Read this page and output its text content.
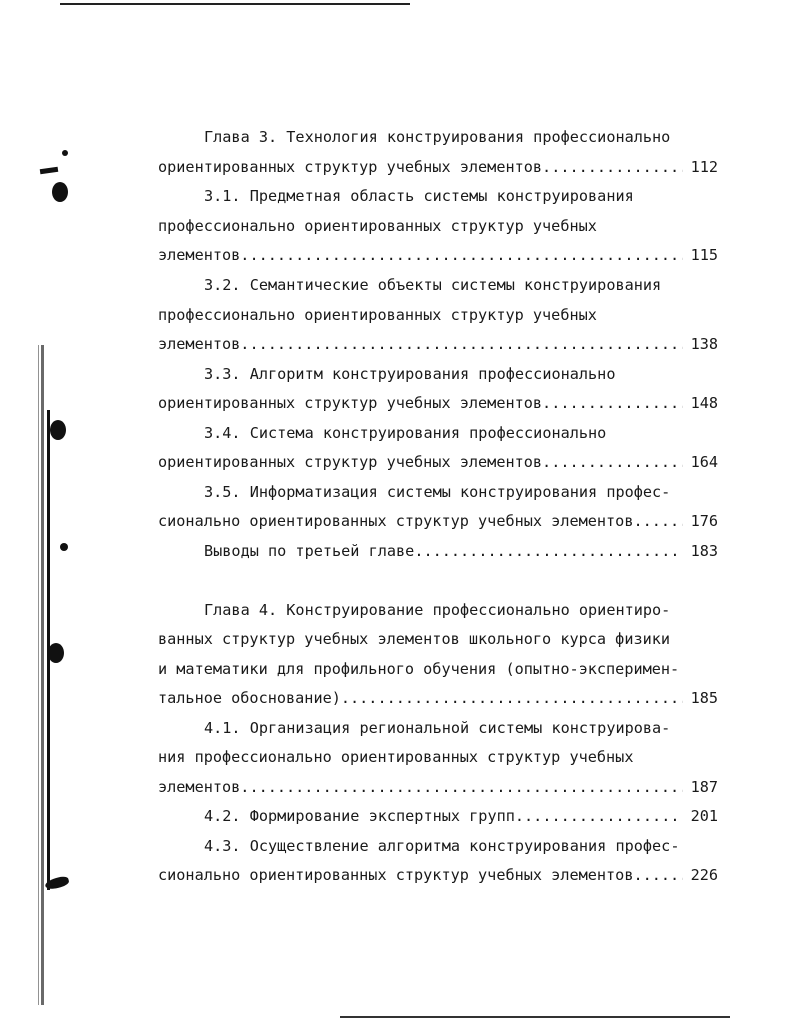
Глава 3. Технология конструирования профессионально
ориентированных структур учебных элементов .....	112
3.1. Предметная область системы конструирования
профессионально ориентированных структур учебных
элементов .....	115
3.2. Семантические объекты системы конструирования
профессионально ориентированных структур учебных
элементов .....	138
3.3. Алгоритм конструирования профессионально
ориентированных структур учебных элементов .....	148
3.4. Система конструирования профессионально
ориентированных структур учебных элементов .....	164
3.5. Информатизация системы конструирования профес-
сионально ориентированных структур учебных элементов .....	176
Выводы по третьей главе .....	183
Глава 4. Конструирование профессионально ориентиро-
ванных структур учебных элементов школьного курса физики
и математики для профильного обучения (опытно-эксперимен-
тальное обоснование) .....	185
4.1. Организация региональной системы конструирова-
ния профессионально ориентированных структур учебных
элементов .....	187
4.2. Формирование экспертных групп .....	201
4.3. Осуществление алгоритма конструирования профес-
сионально ориентированных структур учебных элементов .....	226
